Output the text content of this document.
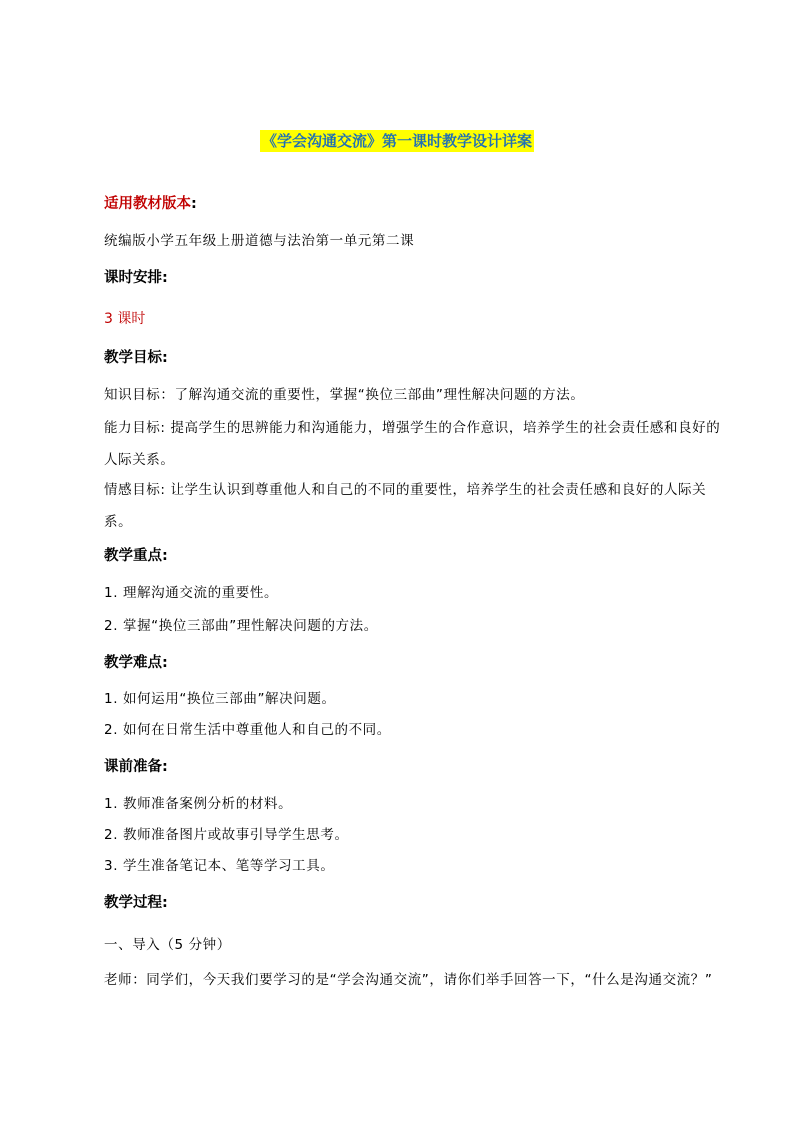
《学会沟通交流》第一课时教学设计详案
适用教材版本:
统编版小学五年级上册道德与法治第一单元第二课
课时安排:
3 课时
教学目标:
知识目标：了解沟通交流的重要性，掌握“换位三部曲”理性解决问题的方法。
能力目标: 提高学生的思辨能力和沟通能力，增强学生的合作意识，培养学生的社会责任感和良好的人际关系。
情感目标: 让学生认识到尊重他人和自己的不同的重要性，培养学生的社会责任感和良好的人际关系。
教学重点:
1. 理解沟通交流的重要性。
2. 掌握“换位三部曲”理性解决问题的方法。
教学难点:
1. 如何运用“换位三部曲”解决问题。
2. 如何在日常生活中尊重他人和自己的不同。
课前准备:
1. 教师准备案例分析的材料。
2. 教师准备图片或故事引导学生思考。
3. 学生准备笔记本、笔等学习工具。
教学过程:
一、导入（5 分钟）
老师：同学们，今天我们要学习的是“学会沟通交流”，请你们举手回答一下，“什么是沟通交流？”
